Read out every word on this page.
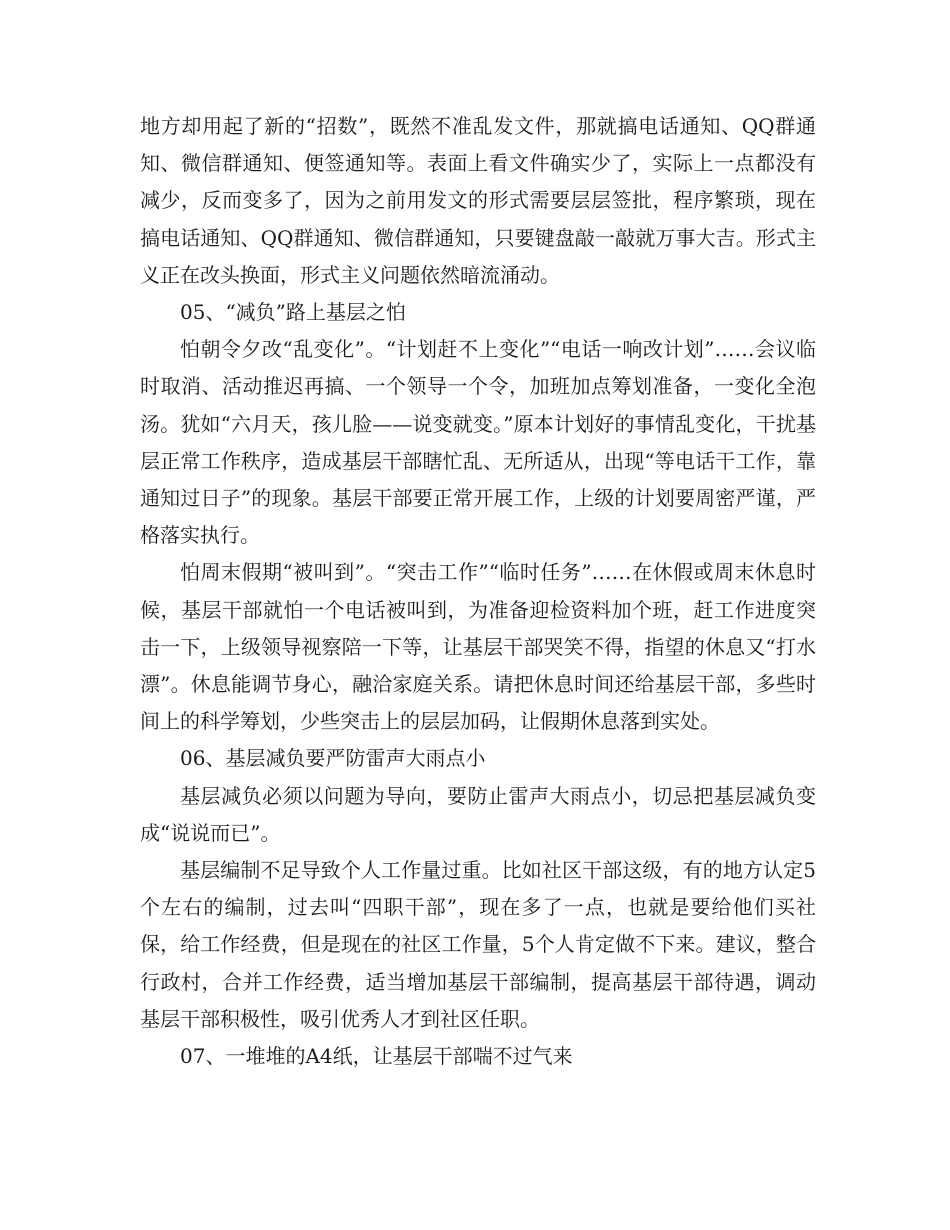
地方却用起了新的“招数”，既然不准乱发文件，那就搞电话通知、QQ群通知、微信群通知、便签通知等。表面上看文件确实少了，实际上一点都没有减少，反而变多了，因为之前用发文的形式需要层层签批，程序繁琐，现在搞电话通知、QQ群通知、微信群通知，只要键盘敲一敲就万事大吉。形式主义正在改头换面，形式主义问题依然暗流涌动。

05、“减负”路上基层之怕

怕朝令夕改“乱变化”。“计划赶不上变化”“电话一响改计划”……会议临时取消、活动推迟再搞、一个领导一个令，加班加点筹划准备，一变化全泡汤。犹如“六月天，孩儿脸——说变就变。”原本计划好的事情乱变化，干扰基层正常工作秩序，造成基层干部瞎忙乱、无所适从，出现“等电话干工作，靠通知过日子”的现象。基层干部要正常开展工作，上级的计划要周密严谨，严格落实执行。

怕周末假期“被叫到”。“突击工作”“临时任务”……在休假或周末休息时候，基层干部就怕一个电话被叫到，为准备迎检资料加个班，赶工作进度突击一下，上级领导视察陪一下等，让基层干部哭笑不得，指望的休息又“打水漂”。休息能调节身心，融洽家庭关系。请把休息时间还给基层干部，多些时间上的科学筹划，少些突击上的层层加码，让假期休息落到实处。

06、基层减负要严防雷声大雨点小

基层减负必须以问题为导向，要防止雷声大雨点小，切忌把基层减负变成“说说而已”。

基层编制不足导致个人工作量过重。比如社区干部这级，有的地方认定5个左右的编制，过去叫“四职干部”，现在多了一点，也就是要给他们买社保，给工作经费，但是现在的社区工作量，5个人肯定做不下来。建议，整合行政村，合并工作经费，适当增加基层干部编制，提高基层干部待遇，调动基层干部积极性，吸引优秀人才到社区任职。

07、一堆堆的A4纸，让基层干部喘不过气来
